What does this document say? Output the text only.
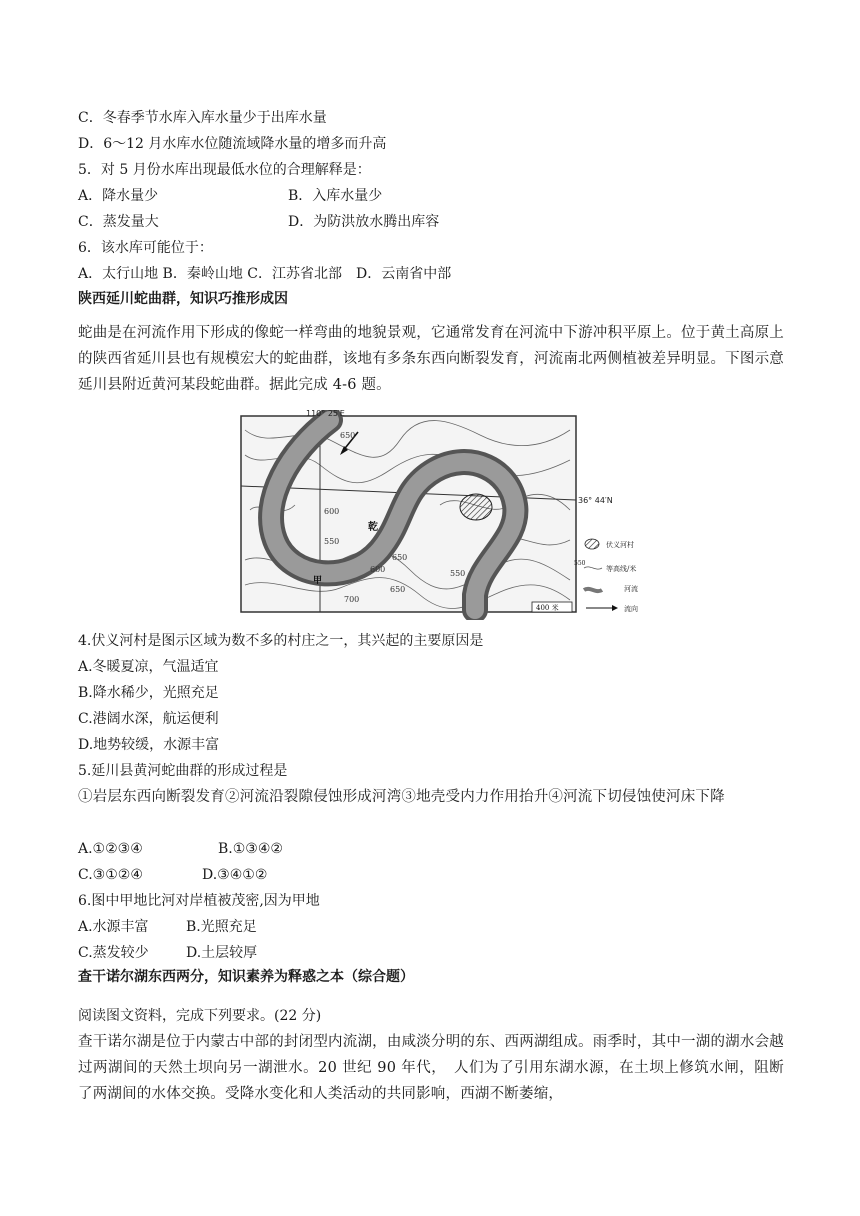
C．冬春季节水库入库水量少于出库水量
D．6～12 月水库水位随流域降水量的增多而升高
5．对 5 月份水库出现最低水位的合理解释是：
A．降水量少	B．入库水量少
C．蒸发量大	D．为防洪放水腾出库容
6．该水库可能位于：
A．太行山地 B．秦岭山地 C．江苏省北部　D．云南省中部
陕西延川蛇曲群，知识巧推形成因
蛇曲是在河流作用下形成的像蛇一样弯曲的地貌景观，它通常发育在河流中下游冲积平原上。位于黄土高原上的陕西省延川县也有规模宏大的蛇曲群，该地有多条东西向断裂发育，河流南北两侧植被差异明显。下图示意延川县附近黄河某段蛇曲群。据此完成 4-6 题。
110° 25′E
36° 44′N
650
600
550
650
600	550
650
700
乾
甲
400 米
伏义河村
550
等高线/米
河流
流向
4.伏义河村是图示区域为数不多的村庄之一，其兴起的主要原因是
A.冬暖夏凉，气温适宜
B.降水稀少，光照充足
C.港阔水深，航运便利
D.地势较缓，水源丰富
5.延川县黄河蛇曲群的形成过程是
①岩层东西向断裂发育②河流沿裂隙侵蚀形成河湾③地壳受内力作用抬升④河流下切侵蚀使河床下降
A.①②③④	B.①③④②
C.③①②④	D.③④①②
6.图中甲地比河对岸植被茂密,因为甲地
A.水源丰富	B.光照充足
C.蒸发较少	D.土层较厚
查干诺尔湖东西两分，知识素养为释惑之本（综合题）
阅读图文资料，完成下列要求。(22 分)
查干诺尔湖是位于内蒙古中部的封闭型内流湖，由咸淡分明的东、西两湖组成。雨季时，其中一湖的湖水会越过两湖间的天然土坝向另一湖泄水。20 世纪 90 年代，　人们为了引用东湖水源，在土坝上修筑水闸，阻断了两湖间的水体交换。受降水变化和人类活动的共同影响，西湖不断萎缩，
